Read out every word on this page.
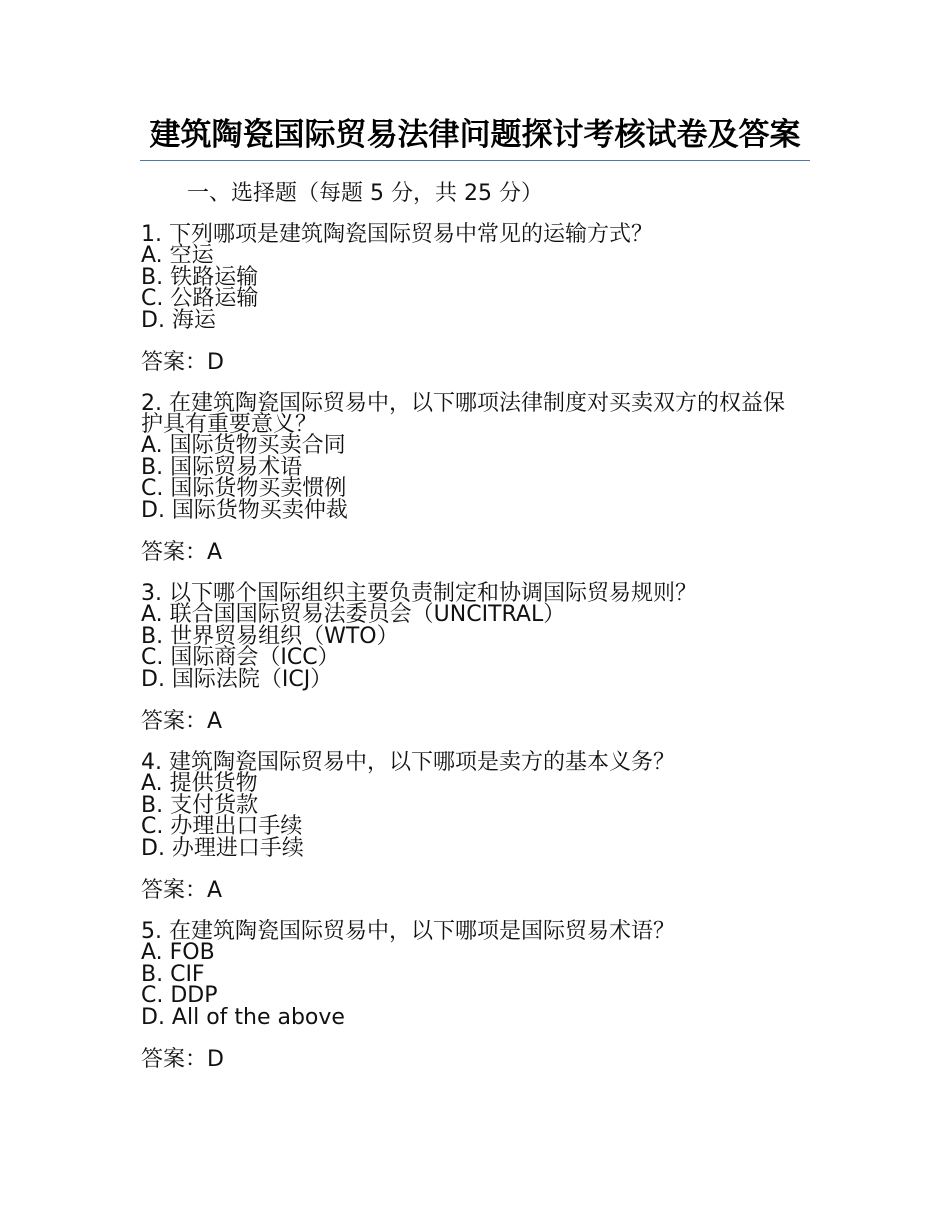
建筑陶瓷国际贸易法律问题探讨考核试卷及答案
一、选择题（每题 5 分，共 25 分）

1. 下列哪项是建筑陶瓷国际贸易中常见的运输方式？

A. 空运
B. 铁路运输
C. 公路运输
D. 海运
答案：D

2. 在建筑陶瓷国际贸易中，以下哪项法律制度对买卖双方的权益保护具有重要意义？

A. 国际货物买卖合同
B. 国际贸易术语
C. 国际货物买卖惯例
D. 国际货物买卖仲裁
答案：A

3. 以下哪个国际组织主要负责制定和协调国际贸易规则？

A. 联合国国际贸易法委员会（UNCITRAL）
B. 世界贸易组织（WTO）
C. 国际商会（ICC）
D. 国际法院（ICJ）
答案：A

4. 建筑陶瓷国际贸易中，以下哪项是卖方的基本义务？

A. 提供货物
B. 支付货款
C. 办理出口手续
D. 办理进口手续
答案：A

5. 在建筑陶瓷国际贸易中，以下哪项是国际贸易术语？

A. FOB
B. CIF
C. DDP
D. All of the above
答案：D
